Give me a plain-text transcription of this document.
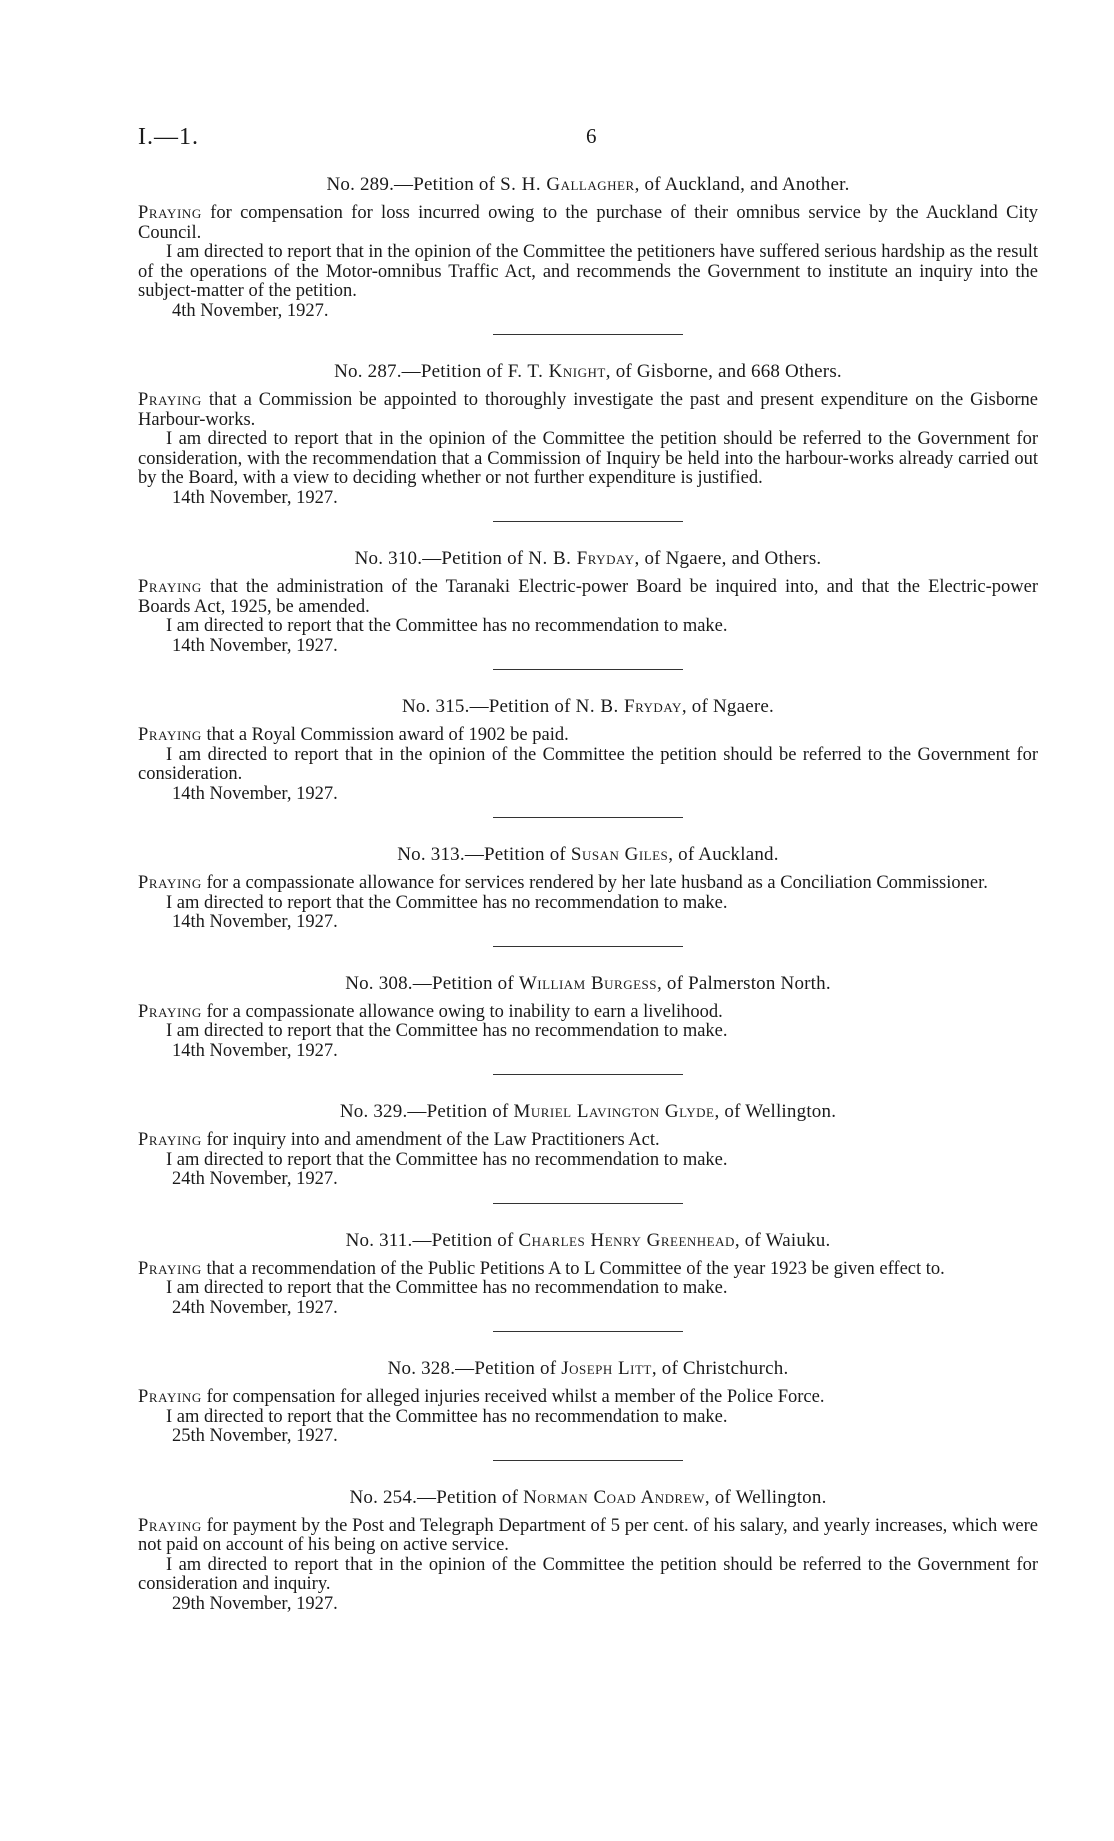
I.—1.	6

No. 289.—Petition of S. H. Gallagher, of Auckland, and Another.

Praying for compensation for loss incurred owing to the purchase of their omnibus service by the Auckland City Council.

I am directed to report that in the opinion of the Committee the petitioners have suffered serious hardship as the result of the operations of the Motor-omnibus Traffic Act, and recommends the Government to institute an inquiry into the subject-matter of the petition.

4th November, 1927.

No. 287.—Petition of F. T. Knight, of Gisborne, and 668 Others.

Praying that a Commission be appointed to thoroughly investigate the past and present expenditure on the Gisborne Harbour-works.

I am directed to report that in the opinion of the Committee the petition should be referred to the Government for consideration, with the recommendation that a Commission of Inquiry be held into the harbour-works already carried out by the Board, with a view to deciding whether or not further expenditure is justified.

14th November, 1927.

No. 310.—Petition of N. B. Fryday, of Ngaere, and Others.

Praying that the administration of the Taranaki Electric-power Board be inquired into, and that the Electric-power Boards Act, 1925, be amended.

I am directed to report that the Committee has no recommendation to make.

14th November, 1927.

No. 315.—Petition of N. B. Fryday, of Ngaere.

Praying that a Royal Commission award of 1902 be paid.

I am directed to report that in the opinion of the Committee the petition should be referred to the Government for consideration.

14th November, 1927.

No. 313.—Petition of Susan Giles, of Auckland.

Praying for a compassionate allowance for services rendered by her late husband as a Conciliation Commissioner.

I am directed to report that the Committee has no recommendation to make.

14th November, 1927.

No. 308.—Petition of William Burgess, of Palmerston North.

Praying for a compassionate allowance owing to inability to earn a livelihood.

I am directed to report that the Committee has no recommendation to make.

14th November, 1927.

No. 329.—Petition of Muriel Lavington Glyde, of Wellington.

Praying for inquiry into and amendment of the Law Practitioners Act.

I am directed to report that the Committee has no recommendation to make.

24th November, 1927.

No. 311.—Petition of Charles Henry Greenhead, of Waiuku.

Praying that a recommendation of the Public Petitions A to L Committee of the year 1923 be given effect to.

I am directed to report that the Committee has no recommendation to make.

24th November, 1927.

No. 328.—Petition of Joseph Litt, of Christchurch.

Praying for compensation for alleged injuries received whilst a member of the Police Force.

I am directed to report that the Committee has no recommendation to make.

25th November, 1927.

No. 254.—Petition of Norman Coad Andrew, of Wellington.

Praying for payment by the Post and Telegraph Department of 5 per cent. of his salary, and yearly increases, which were not paid on account of his being on active service.

I am directed to report that in the opinion of the Committee the petition should be referred to the Government for consideration and inquiry.

29th November, 1927.
